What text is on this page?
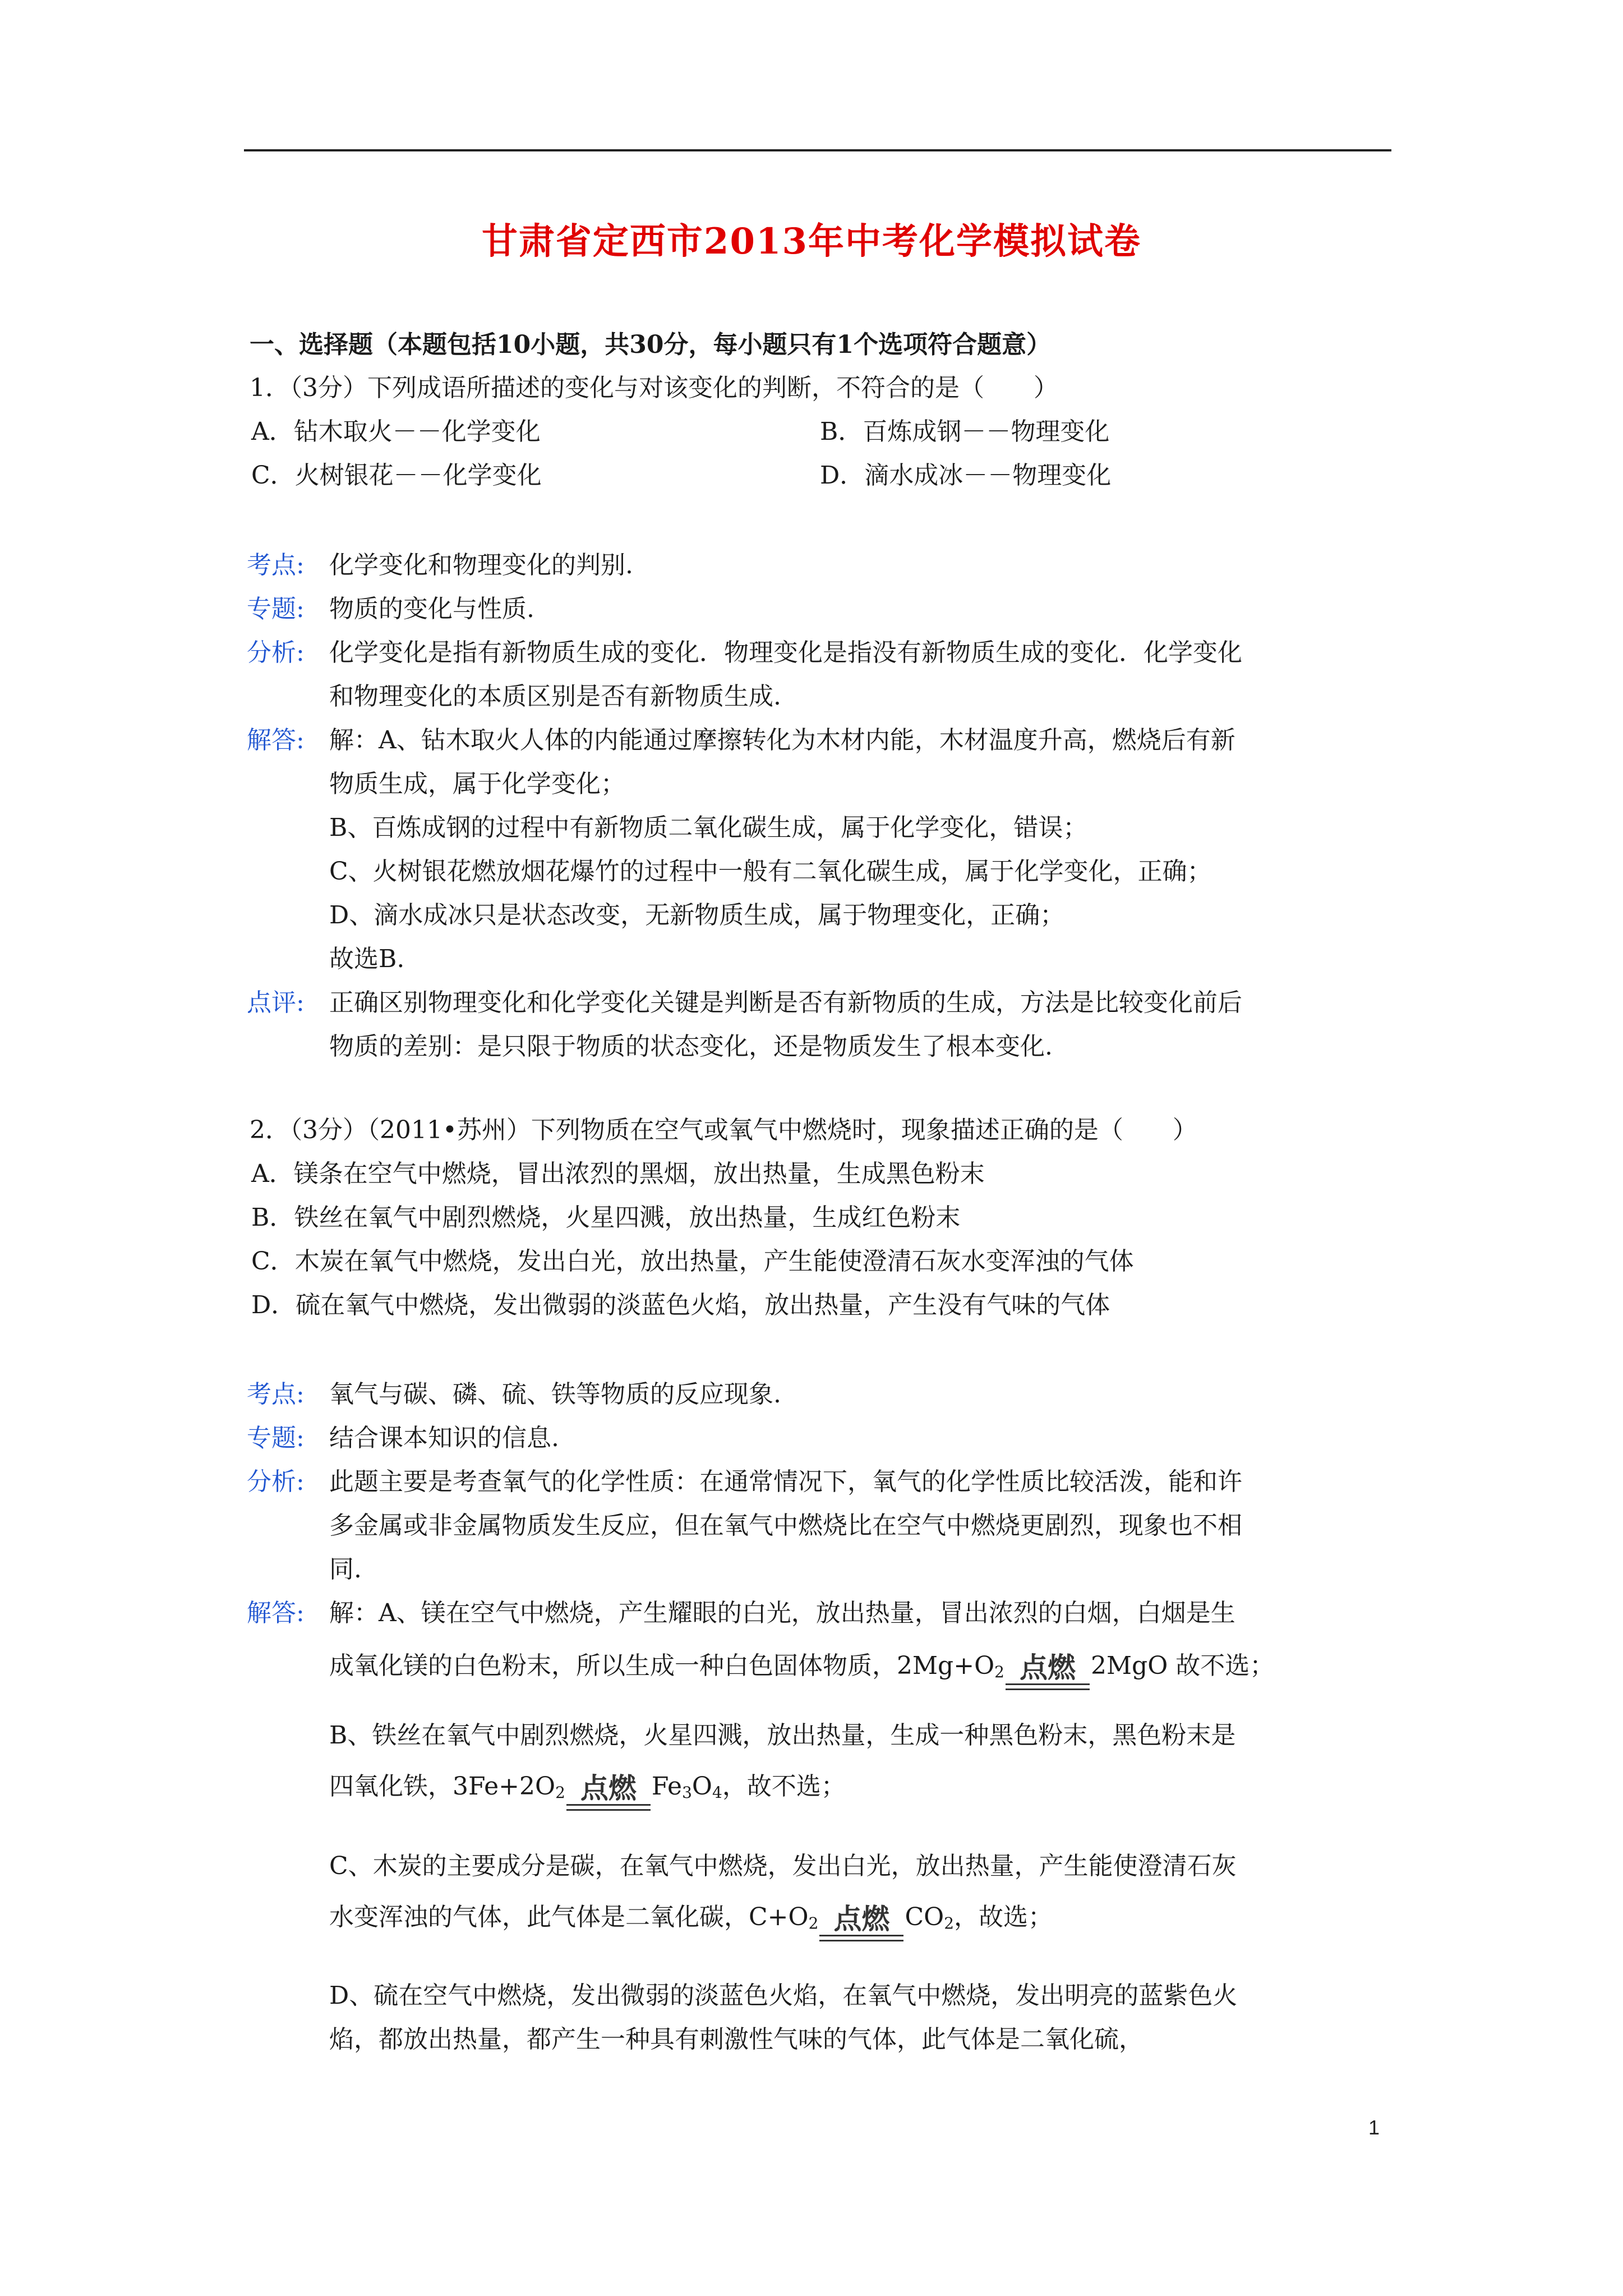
甘肃省定西市2013年中考化学模拟试卷
一、选择题（本题包括10小题，共30分，每小题只有1个选项符合题意）
1．（3分）下列成语所描述的变化与对该变化的判断，不符合的是（　　）
A．钻木取火－－化学变化	B．百炼成钢－－物理变化
C．火树银花－－化学变化	D．滴水成冰－－物理变化
考点: 化学变化和物理变化的判别.
专题: 物质的变化与性质.
分析: 化学变化是指有新物质生成的变化．物理变化是指没有新物质生成的变化．化学变化
和物理变化的本质区别是否有新物质生成.
解答: 解：A、钻木取火人体的内能通过摩擦转化为木材内能，木材温度升高，燃烧后有新
物质生成，属于化学变化；
B、百炼成钢的过程中有新物质二氧化碳生成，属于化学变化，错误；
C、火树银花燃放烟花爆竹的过程中一般有二氧化碳生成，属于化学变化，正确；
D、滴水成冰只是状态改变，无新物质生成，属于物理变化，正确；
故选B.
点评: 正确区别物理变化和化学变化关键是判断是否有新物质的生成，方法是比较变化前后
物质的差别：是只限于物质的状态变化，还是物质发生了根本变化.
2．（3分）（2011•苏州）下列物质在空气或氧气中燃烧时，现象描述正确的是（　　）
A．镁条在空气中燃烧，冒出浓烈的黑烟，放出热量，生成黑色粉末
B．铁丝在氧气中剧烈燃烧，火星四溅，放出热量，生成红色粉末
C．木炭在氧气中燃烧，发出白光，放出热量，产生能使澄清石灰水变浑浊的气体
D．硫在氧气中燃烧，发出微弱的淡蓝色火焰，放出热量，产生没有气味的气体
考点: 氧气与碳、磷、硫、铁等物质的反应现象.
专题: 结合课本知识的信息.
分析: 此题主要是考查氧气的化学性质：在通常情况下，氧气的化学性质比较活泼，能和许
多金属或非金属物质发生反应，但在氧气中燃烧比在空气中燃烧更剧烈，现象也不相
同.
解答: 解：A、镁在空气中燃烧，产生耀眼的白光，放出热量，冒出浓烈的白烟，白烟是生
成氧化镁的白色粉末，所以生成一种白色固体物质，$2Mg+O_2$ 点燃 2MgO 故不选；
B、铁丝在氧气中剧烈燃烧，火星四溅，放出热量，生成一种黑色粉末，黑色粉末是
四氧化铁，$3Fe+2O_2$ 点燃 $Fe_3O_4$，故不选；
C、木炭的主要成分是碳，在氧气中燃烧，发出白光，放出热量，产生能使澄清石灰
水变浑浊的气体，此气体是二氧化碳，$C+O_2$ 点燃 $CO_2$，故选；
D、硫在空气中燃烧，发出微弱的淡蓝色火焰，在氧气中燃烧，发出明亮的蓝紫色火
焰，都放出热量，都产生一种具有刺激性气味的气体，此气体是二氧化硫，
1
